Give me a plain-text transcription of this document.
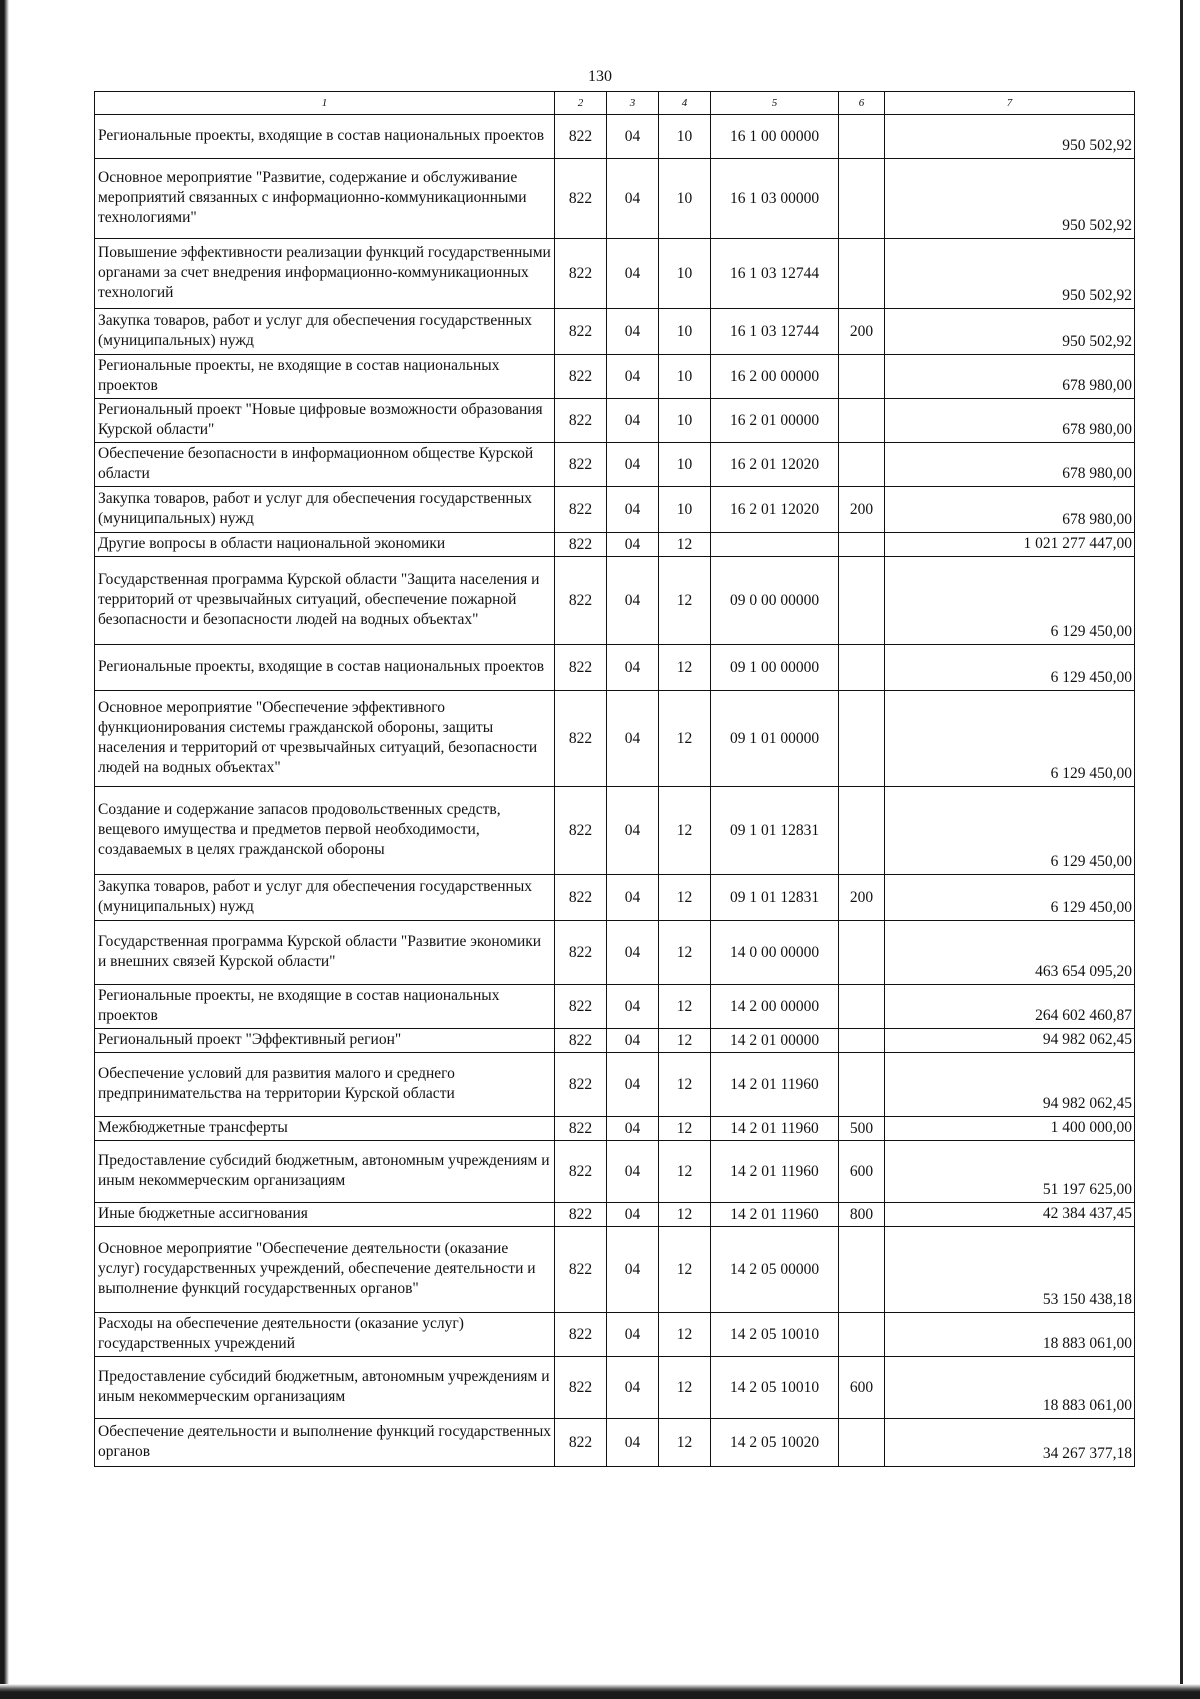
130
1	2	3	4	5	6	7
Региональные проекты, входящие в состав национальных проектов	822	04	10	16 1 00 00000		950 502,92
Основное мероприятие "Развитие, содержание и обслуживание мероприятий связанных с информационно-коммуникационными технологиями"	822	04	10	16 1 03 00000		950 502,92
Повышение эффективности реализации функций государственными органами за счет внедрения информационно-коммуникационных технологий	822	04	10	16 1 03 12744		950 502,92
Закупка товаров, работ и услуг для обеспечения государственных (муниципальных) нужд	822	04	10	16 1 03 12744	200	950 502,92
Региональные проекты, не входящие в состав национальных проектов	822	04	10	16 2 00 00000		678 980,00
Региональный проект "Новые цифровые возможности образования Курской области"	822	04	10	16 2 01 00000		678 980,00
Обеспечение безопасности в информационном обществе Курской области	822	04	10	16 2 01 12020		678 980,00
Закупка товаров, работ и услуг для обеспечения государственных (муниципальных) нужд	822	04	10	16 2 01 12020	200	678 980,00
Другие вопросы в области национальной экономики	822	04	12			1 021 277 447,00
Государственная программа Курской области "Защита населения и территорий от чрезвычайных ситуаций, обеспечение пожарной безопасности и безопасности людей на водных объектах"	822	04	12	09 0 00 00000		6 129 450,00
Региональные проекты, входящие в состав национальных проектов	822	04	12	09 1 00 00000		6 129 450,00
Основное мероприятие "Обеспечение эффективного функционирования системы гражданской обороны, защиты населения и территорий от чрезвычайных ситуаций, безопасности людей на водных объектах"	822	04	12	09 1 01 00000		6 129 450,00
Создание и содержание запасов продовольственных средств, вещевого имущества и предметов первой необходимости, создаваемых в целях гражданской обороны	822	04	12	09 1 01 12831		6 129 450,00
Закупка товаров, работ и услуг для обеспечения государственных (муниципальных) нужд	822	04	12	09 1 01 12831	200	6 129 450,00
Государственная программа Курской области "Развитие экономики и внешних связей Курской области"	822	04	12	14 0 00 00000		463 654 095,20
Региональные проекты, не входящие в состав национальных проектов	822	04	12	14 2 00 00000		264 602 460,87
Региональный проект "Эффективный регион"	822	04	12	14 2 01 00000		94 982 062,45
Обеспечение условий для развития малого и среднего предпринимательства на территории Курской области	822	04	12	14 2 01 11960		94 982 062,45
Межбюджетные трансферты	822	04	12	14 2 01 11960	500	1 400 000,00
Предоставление субсидий бюджетным, автономным учреждениям и иным некоммерческим организациям	822	04	12	14 2 01 11960	600	51 197 625,00
Иные бюджетные ассигнования	822	04	12	14 2 01 11960	800	42 384 437,45
Основное мероприятие "Обеспечение деятельности (оказание услуг) государственных учреждений, обеспечение деятельности и выполнение функций государственных органов"	822	04	12	14 2 05 00000		53 150 438,18
Расходы на обеспечение деятельности (оказание услуг) государственных учреждений	822	04	12	14 2 05 10010		18 883 061,00
Предоставление субсидий бюджетным, автономным учреждениям и иным некоммерческим организациям	822	04	12	14 2 05 10010	600	18 883 061,00
Обеспечение деятельности и выполнение функций государственных органов	822	04	12	14 2 05 10020		34 267 377,18
